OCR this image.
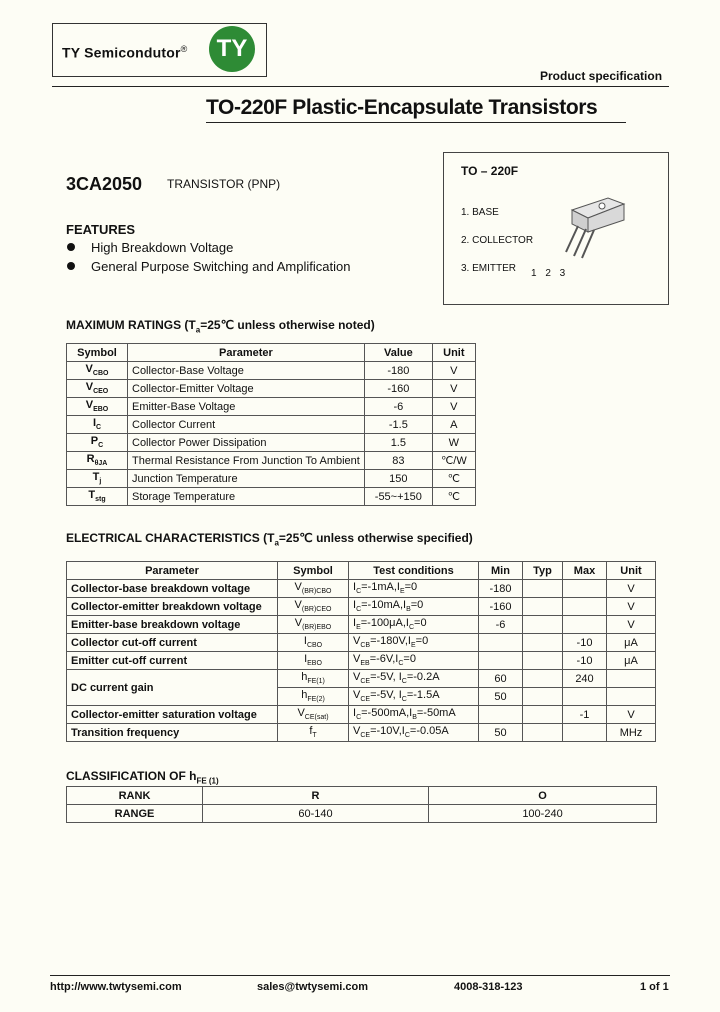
TY Semicondutor®	TY
Product specification
TO-220F Plastic-Encapsulate Transistors
3CA2050 TRANSISTOR (PNP)
TO – 220F
1. BASE
2. COLLECTOR
3. EMITTER 1 2 3
FEATURES
High Breakdown Voltage
General Purpose Switching and Amplification
MAXIMUM RATINGS ($T_a=25℃$ unless otherwise noted)
Symbol	Parameter	Value	Unit
$V_{CBO}$	Collector-Base Voltage	-180	V
$V_{CEO}$	Collector-Emitter Voltage	-160	V
$V_{EBO}$	Emitter-Base Voltage	-6	V
$I_C$	Collector Current	-1.5	A
$P_C$	Collector Power Dissipation	1.5	W
$R_{\theta JA}$	Thermal Resistance From Junction To Ambient	83	℃/W
$T_j$	Junction Temperature	150	℃
$T_{stg}$	Storage Temperature	-55~+150	℃
ELECTRICAL CHARACTERISTICS ($T_a=25℃$ unless otherwise specified)
Parameter	Symbol	Test conditions	Min	Typ	Max	Unit
Collector-base breakdown voltage	$V_{(BR)CBO}$	$I_C=-1mA,I_E=0$	-180			V
Collector-emitter breakdown voltage	$V_{(BR)CEO}$	$I_C=-10mA,I_B=0$	-160			V
Emitter-base breakdown voltage	$V_{(BR)EBO}$	$I_E=-100\mu A,I_C=0$	-6			V
Collector cut-off current	$I_{CBO}$	$V_{CB}=-180V,I_E=0$			-10	μA
Emitter cut-off current	$I_{EBO}$	$V_{EB}=-6V,I_C=0$			-10	μA
DC current gain	$h_{FE(1)}$	$V_{CE}=-5V$, $I_C=-0.2A$	60		240	
	$h_{FE(2)}$	$V_{CE}=-5V$, $I_C=-1.5A$	50			
Collector-emitter saturation voltage	$V_{CE(sat)}$	$I_C=-500mA,I_B=-50mA$			-1	V
Transition frequency	$f_T$	$V_{CE}=-10V,I_C=-0.05A$	50			MHz
CLASSIFICATION OF $h_{FE (1)}$
RANK	R	O
RANGE	60-140	100-240
http://www.twtysemi.com	sales@twtysemi.com	4008-318-123	1 of 1
